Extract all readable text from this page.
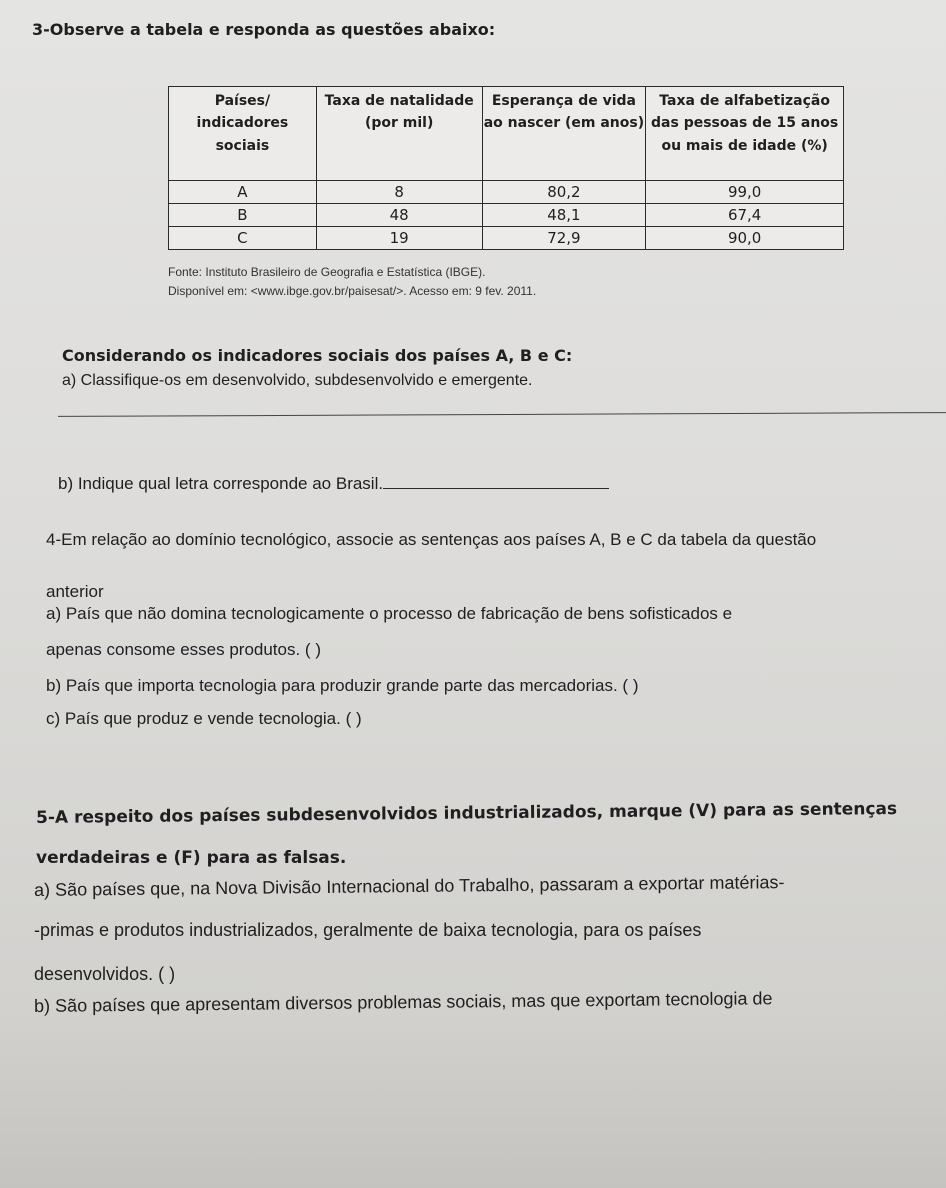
3-Observe a tabela e responda as questões abaixo:
Países/ indicadores sociais	Taxa de natalidade (por mil)	Esperança de vida ao nascer (em anos)	Taxa de alfabetização das pessoas de 15 anos ou mais de idade (%)
A	8	80,2	99,0
B	48	48,1	67,4
C	19	72,9	90,0
Fonte: Instituto Brasileiro de Geografia e Estatística (IBGE).
Disponível em: <www.ibge.gov.br/paisesat/>. Acesso em: 9 fev. 2011.
Considerando os indicadores sociais dos países A, B e C:
a) Classifique-os em desenvolvido, subdesenvolvido e emergente.
b) Indique qual letra corresponde ao Brasil.
4-Em relação ao domínio tecnológico, associe as sentenças aos países A, B e C da tabela da questão
anterior
a) País que não domina tecnologicamente o processo de fabricação de bens sofisticados e
apenas consome esses produtos. ( )
b) País que importa tecnologia para produzir grande parte das mercadorias. ( )
c) País que produz e vende tecnologia. ( )
5-A respeito dos países subdesenvolvidos industrializados, marque (V) para as sentenças
verdadeiras e (F) para as falsas.
a) São países que, na Nova Divisão Internacional do Trabalho, passaram a exportar matérias-
-primas e produtos industrializados, geralmente de baixa tecnologia, para os países
desenvolvidos. ( )
b) São países que apresentam diversos problemas sociais, mas que exportam tecnologia de
